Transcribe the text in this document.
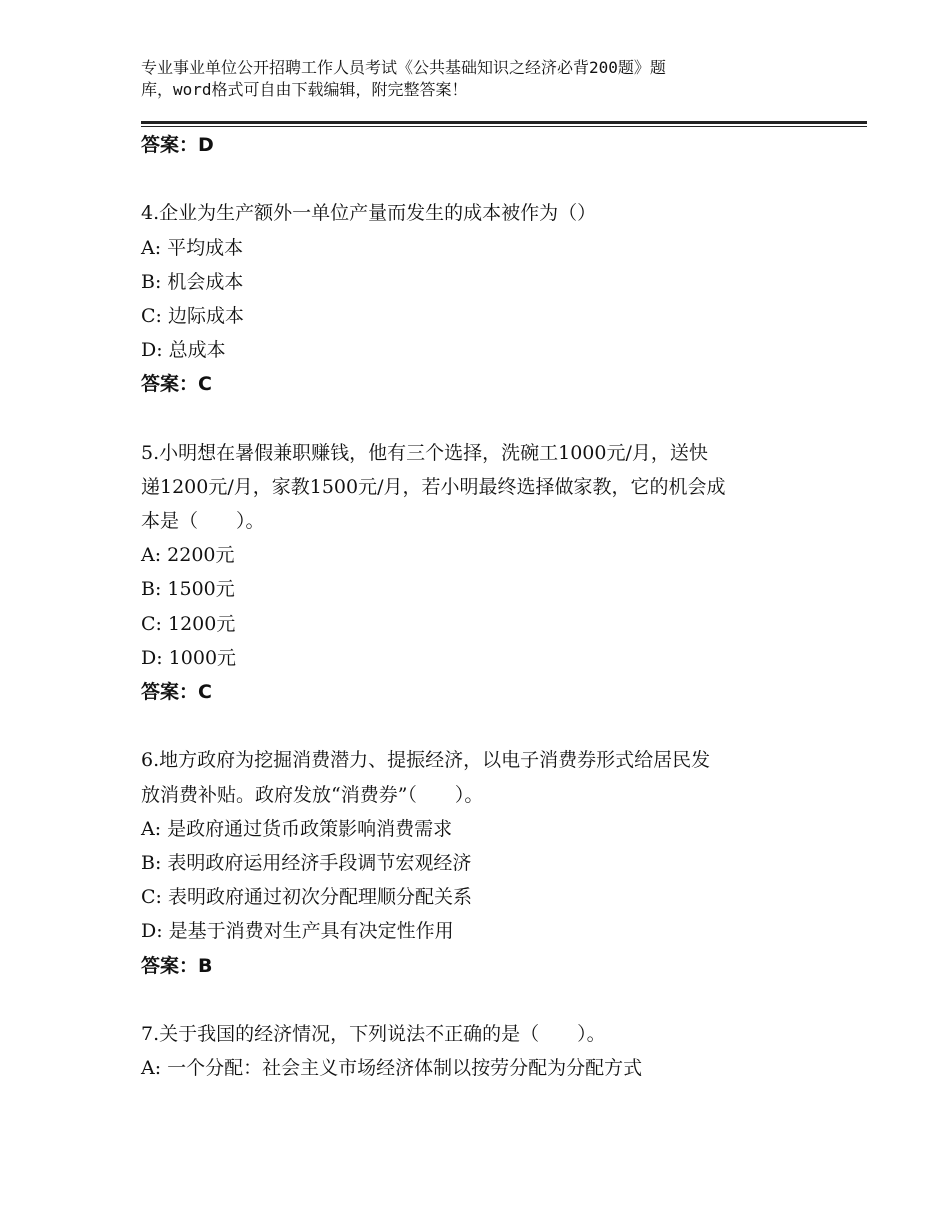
专业事业单位公开招聘工作人员考试《公共基础知识之经济必背200题》题
库，word格式可自由下载编辑，附完整答案！
答案：D
4.企业为生产额外一单位产量而发生的成本被作为（）
A: 平均成本
B: 机会成本
C: 边际成本
D: 总成本
答案：C
5.小明想在暑假兼职赚钱，他有三个选择，洗碗工1000元/月，送快
递1200元/月，家教1500元/月，若小明最终选择做家教，它的机会成
本是（　　）。
A: 2200元
B: 1500元
C: 1200元
D: 1000元
答案：C
6.地方政府为挖掘消费潜力、提振经济，以电子消费券形式给居民发
放消费补贴。政府发放“消费券”（　　）。
A: 是政府通过货币政策影响消费需求
B: 表明政府运用经济手段调节宏观经济
C: 表明政府通过初次分配理顺分配关系
D: 是基于消费对生产具有决定性作用
答案：B
7.关于我国的经济情况，下列说法不正确的是（　　）。
A: 一个分配：社会主义市场经济体制以按劳分配为分配方式
